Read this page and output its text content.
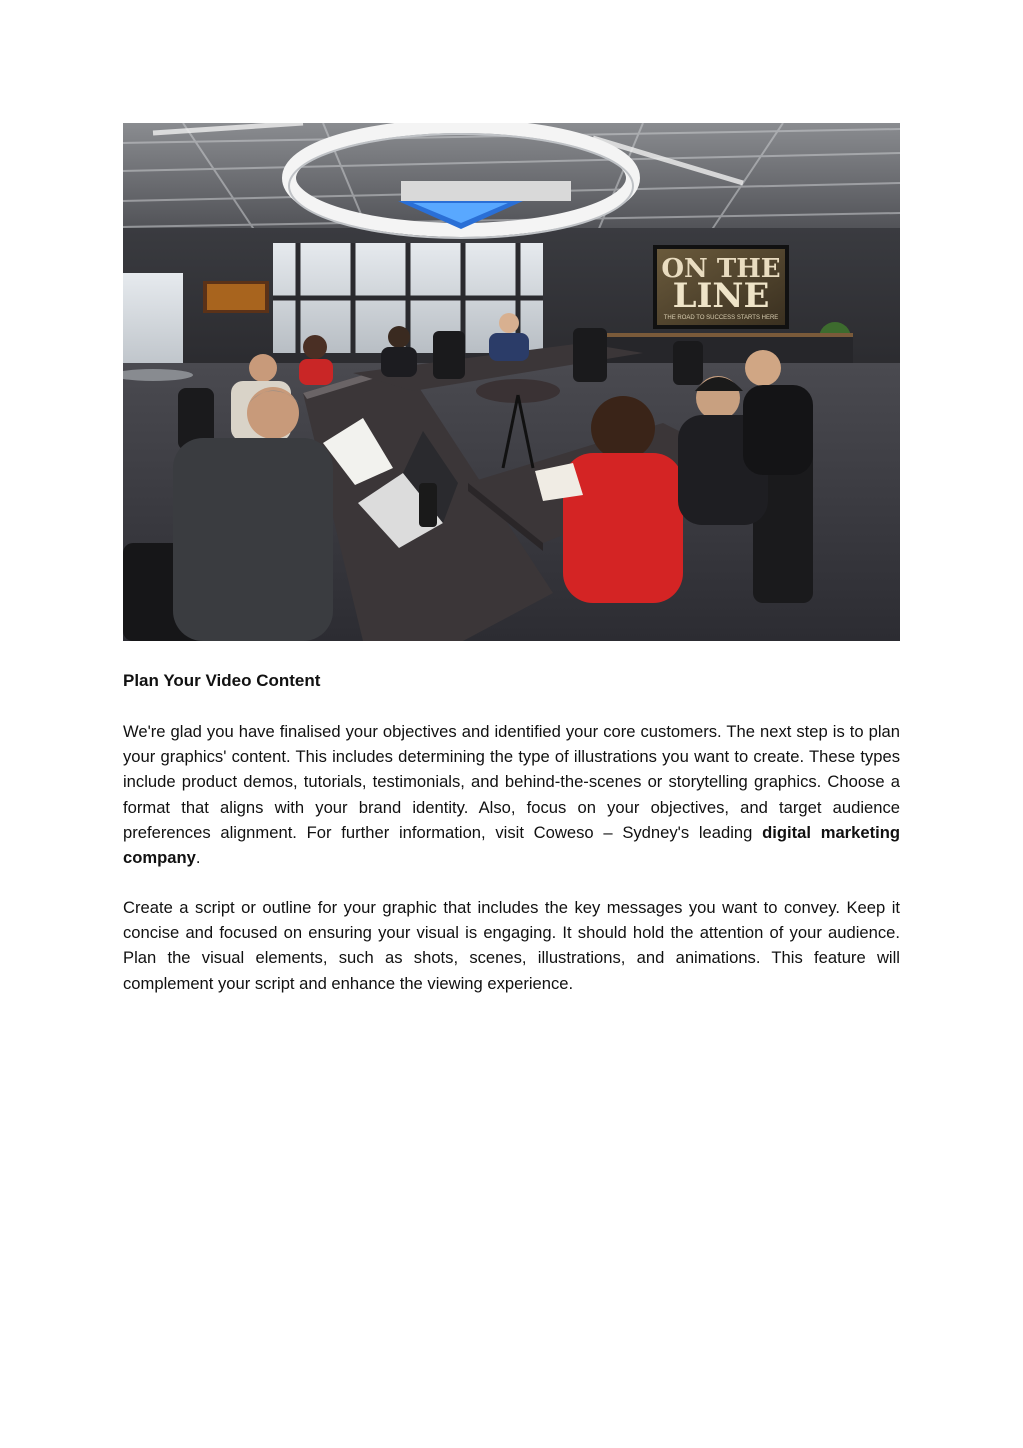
ON THE
LINE
THE ROAD TO SUCCESS STARTS HERE
Plan Your Video Content

We're glad you have finalised your objectives and identified your core customers. The next step is to plan your graphics' content. This includes determining the type of illustrations you want to create. These types include product demos, tutorials, testimonials, and behind-the-scenes or storytelling graphics. Choose a format that aligns with your brand identity. Also, focus on your objectives, and target audience preferences alignment. For further information, visit Coweso – Sydney's leading digital marketing company.

Create a script or outline for your graphic that includes the key messages you want to convey. Keep it concise and focused on ensuring your visual is engaging. It should hold the attention of your audience. Plan the visual elements, such as shots, scenes, illustrations, and animations. This feature will complement your script and enhance the viewing experience.
